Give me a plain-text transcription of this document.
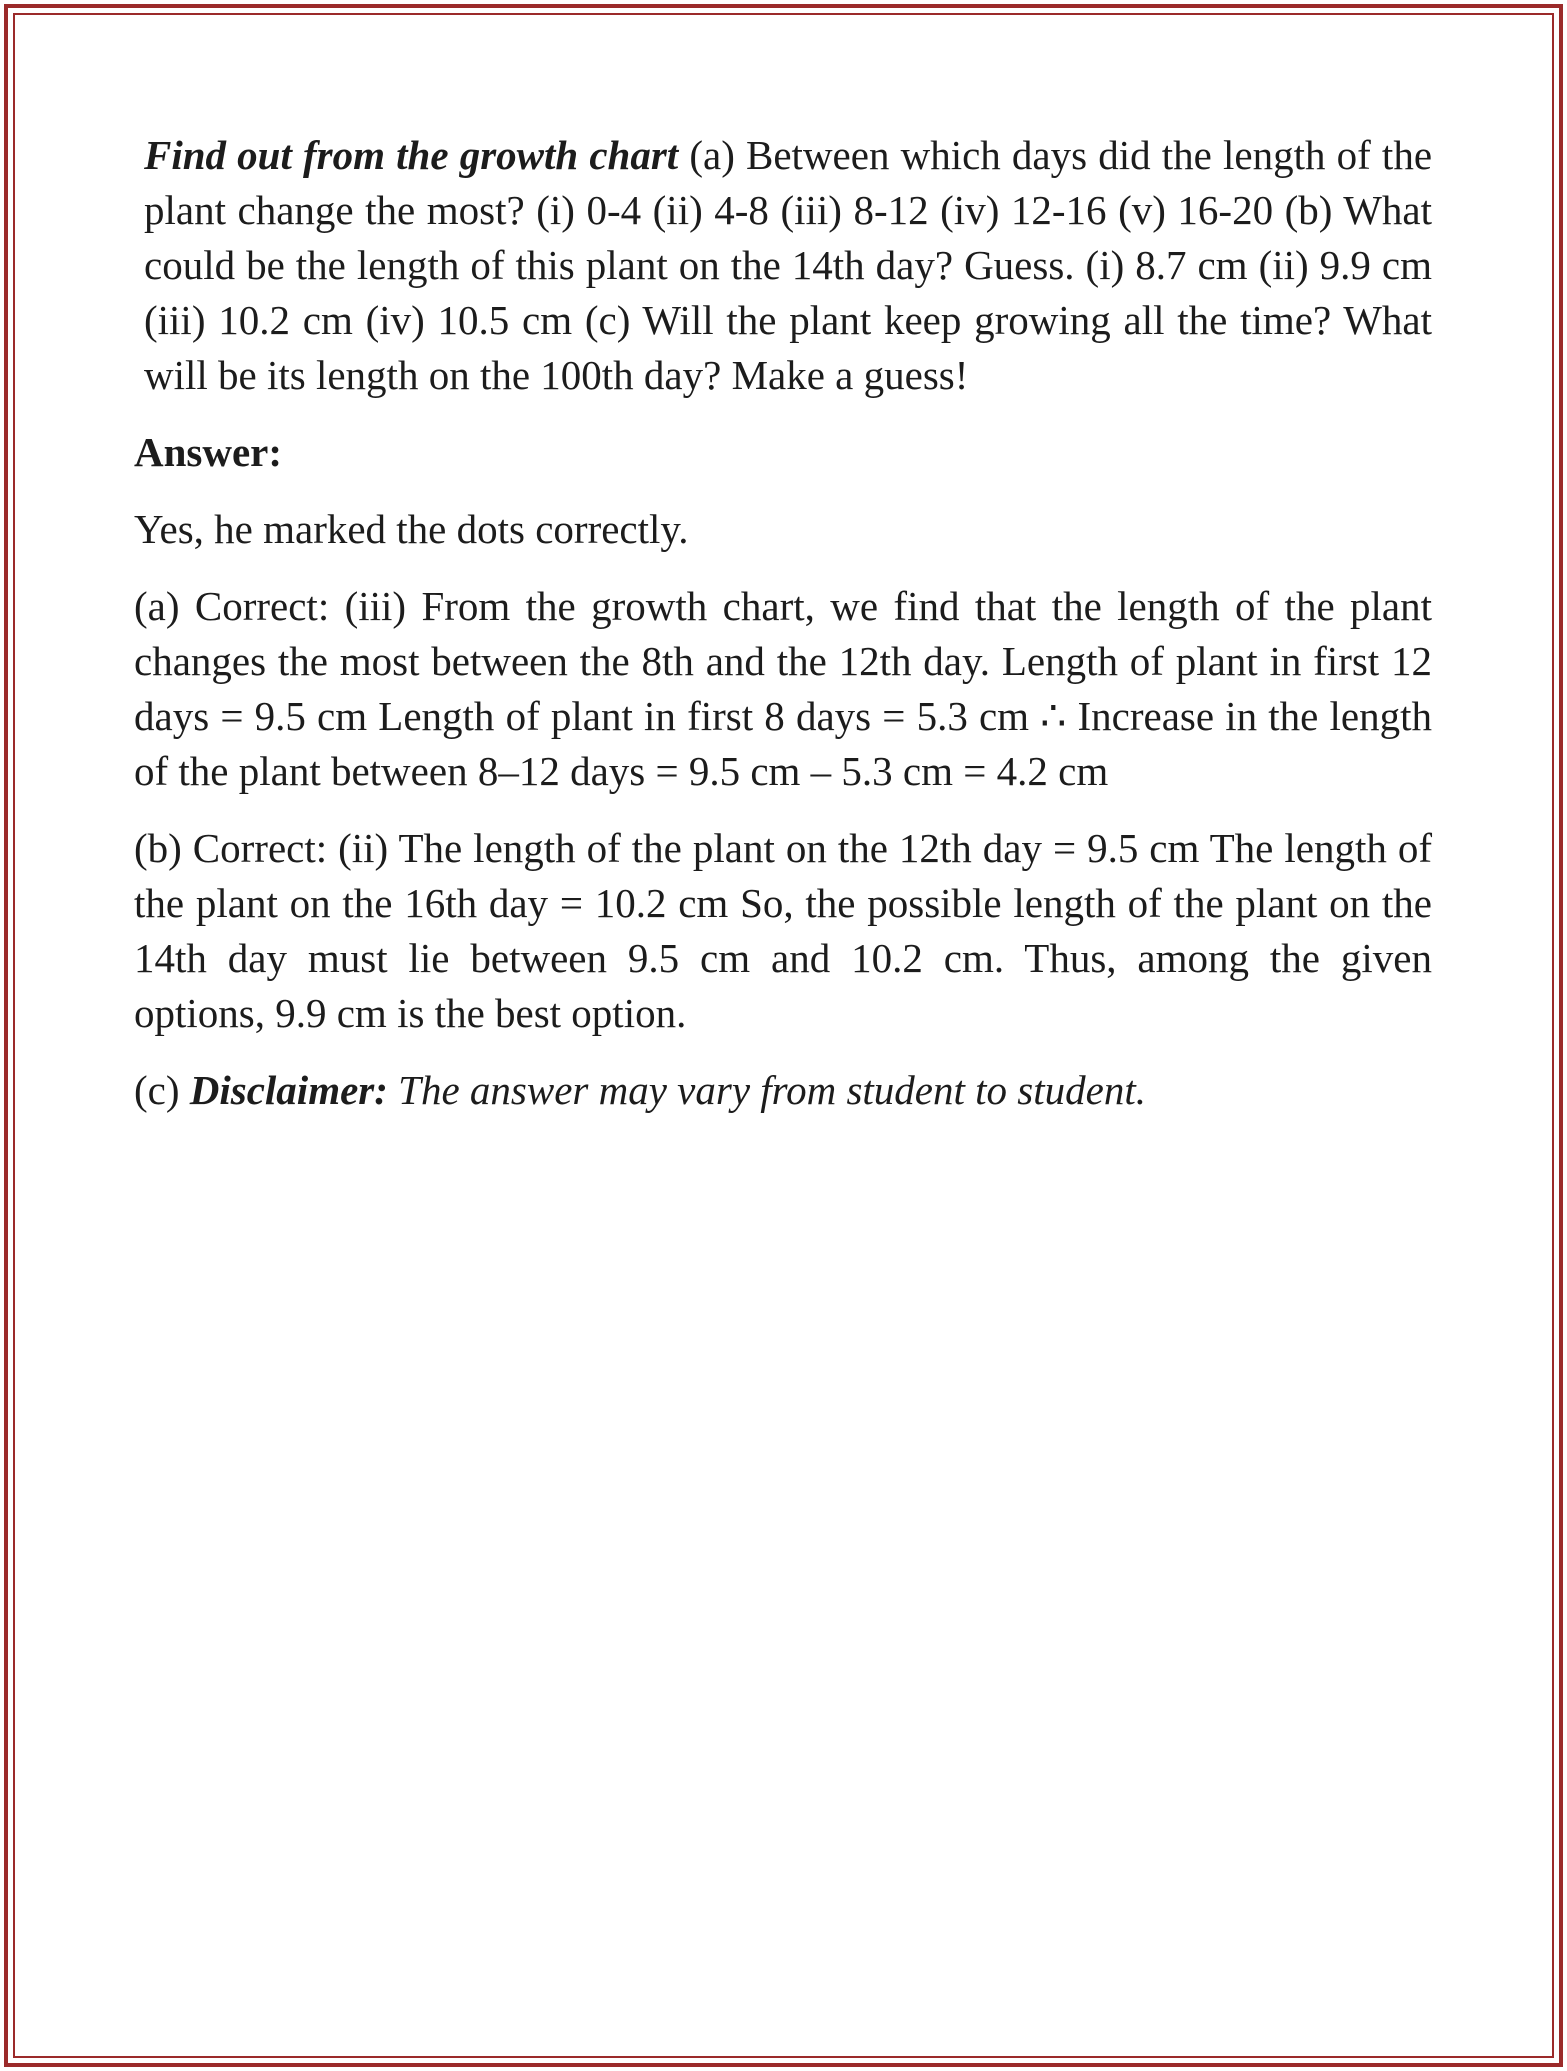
Find out from the growth chart (a) Between which days did the length of the plant change the most? (i) 0-4 (ii) 4-8 (iii) 8-12 (iv) 12-16 (v) 16-20 (b) What could be the length of this plant on the 14th day? Guess. (i) 8.7 cm (ii) 9.9 cm (iii) 10.2 cm (iv) 10.5 cm (c) Will the plant keep growing all the time? What will be its length on the 100th day? Make a guess!

Answer:

Yes, he marked the dots correctly.

(a) Correct: (iii) From the growth chart, we find that the length of the plant changes the most between the 8th and the 12th day. Length of plant in first 12 days = 9.5 cm Length of plant in first 8 days = 5.3 cm ∴ Increase in the length of the plant between 8–12 days = 9.5 cm – 5.3 cm = 4.2 cm

(b) Correct: (ii) The length of the plant on the 12th day = 9.5 cm The length of the plant on the 16th day = 10.2 cm So, the possible length of the plant on the 14th day must lie between 9.5 cm and 10.2 cm. Thus, among the given options, 9.9 cm is the best option.

(c) Disclaimer: The answer may vary from student to student.
